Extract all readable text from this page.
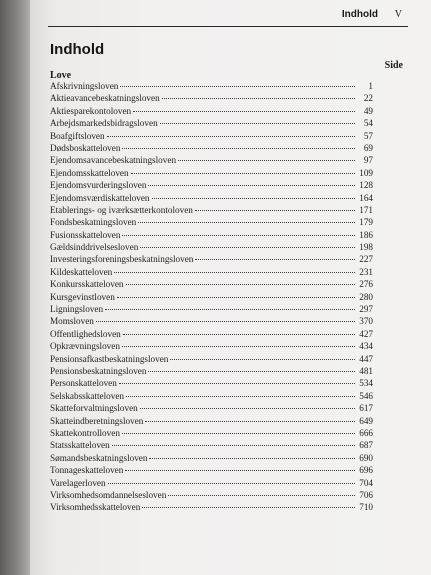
Indhold V
Indhold
Side
Love
Afskrivningsloven	1
Aktieavancebeskatningsloven	22
Aktiesparekontoloven	49
Arbejdsmarkedsbidragsloven	54
Boafgiftsloven	57
Dødsboskatteloven	69
Ejendomsavancebeskatningsloven	97
Ejendomsskatteloven	109
Ejendomsvurderingsloven	128
Ejendomsværdiskatteloven	164
Etablerings- og iværksætterkontoloven	171
Fondsbeskatningsloven	179
Fusionsskatteloven	186
Gældsinddrivelsesloven	198
Investeringsforeningsbeskatningsloven	227
Kildeskatteloven	231
Konkursskatteloven	276
Kursgevinstloven	280
Ligningsloven	297
Momsloven	370
Offentlighedsloven	427
Opkrævningsloven	434
Pensionsafkastbeskatningsloven	447
Pensionsbeskatningsloven	481
Personskatteloven	534
Selskabsskatteloven	546
Skatteforvaltningsloven	617
Skatteindberetningsloven	649
Skattekontrolloven	666
Statsskatteloven	687
Sømandsbeskatningsloven	690
Tonnageskatteloven	696
Varelagerloven	704
Virksomhedsomdannelsesloven	706
Virksomhedsskatteloven	710
